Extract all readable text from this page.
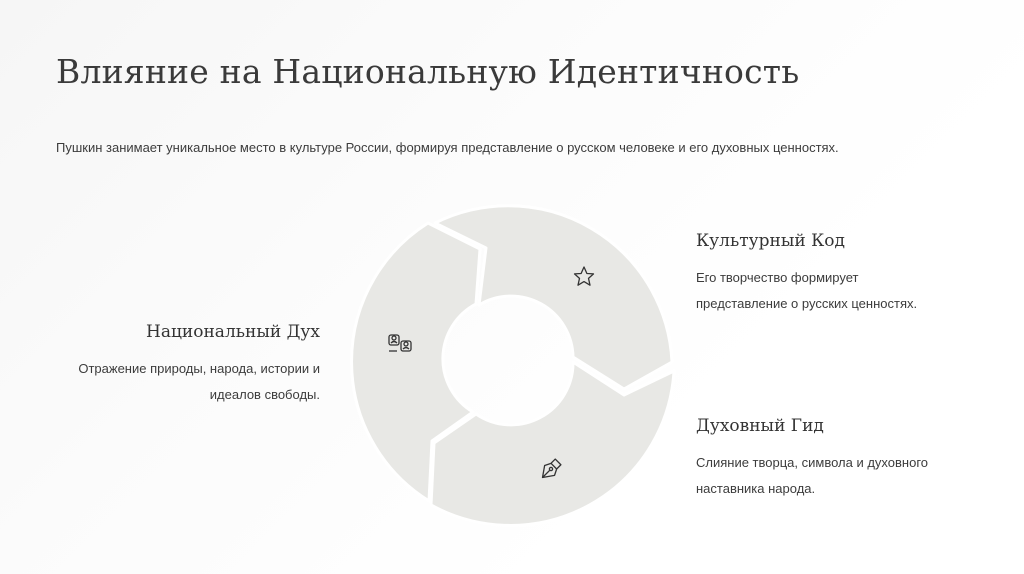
Влияние на Национальную Идентичность
Пушкин занимает уникальное место в культуре России, формируя представление о русском человеке и его духовных ценностях.
Культурный Код
Его творчество формирует
представление о русских ценностях.
Духовный Гид
Слияние творца, символа и духовного
наставника народа.
Национальный Дух
Отражение природы, народа, истории и
идеалов свободы.
